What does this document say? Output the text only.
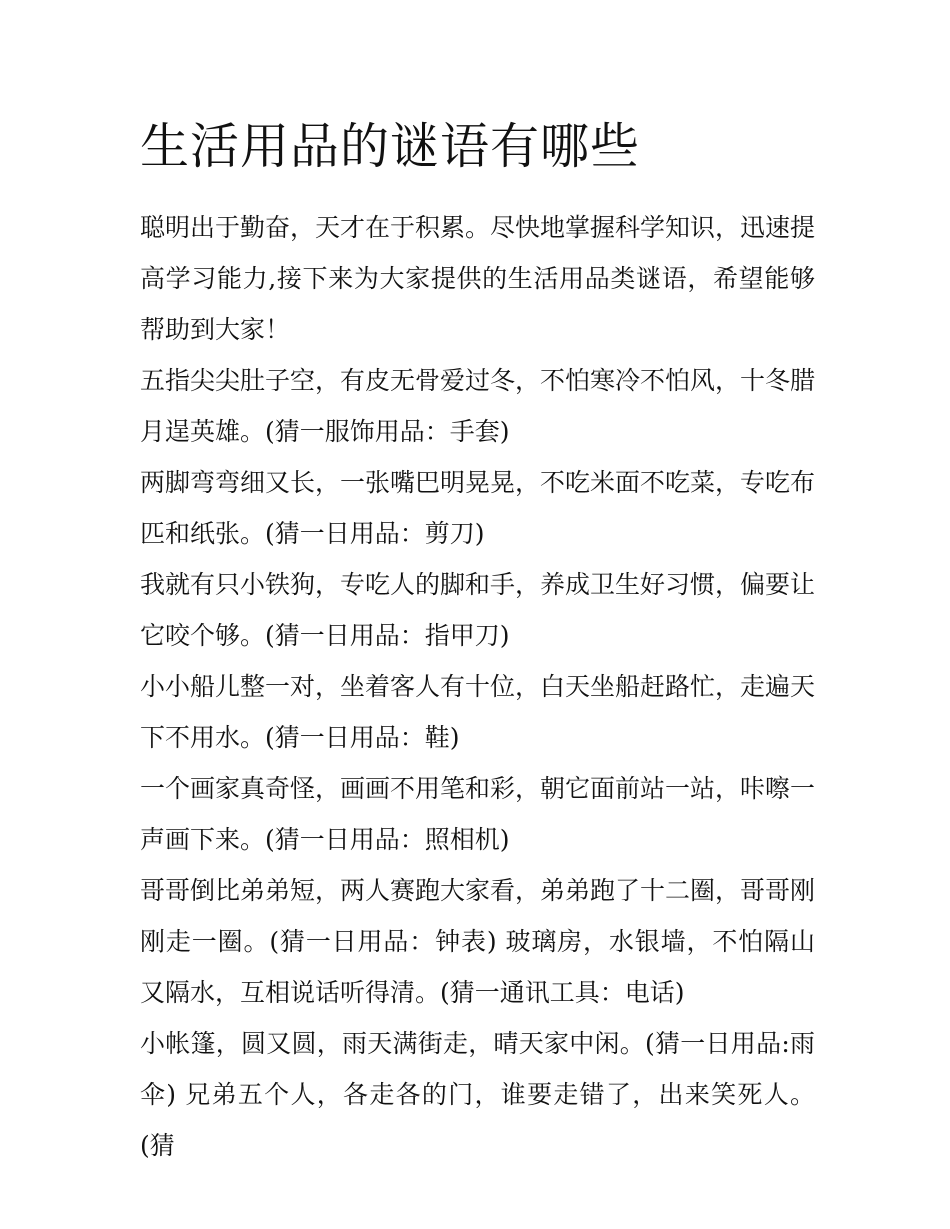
生活用品的谜语有哪些

聪明出于勤奋，天才在于积累。尽快地掌握科学知识，迅速提高学习能力,接下来为大家提供的生活用品类谜语，希望能够帮助到大家！

五指尖尖肚子空，有皮无骨爱过冬，不怕寒冷不怕风，十冬腊月逞英雄。(猜一服饰用品：手套)

两脚弯弯细又长，一张嘴巴明晃晃，不吃米面不吃菜，专吃布匹和纸张。(猜一日用品：剪刀)

我就有只小铁狗，专吃人的脚和手，养成卫生好习惯，偏要让它咬个够。(猜一日用品：指甲刀)

小小船儿整一对，坐着客人有十位，白天坐船赶路忙，走遍天下不用水。(猜一日用品：鞋)

一个画家真奇怪，画画不用笔和彩，朝它面前站一站，咔嚓一声画下来。(猜一日用品：照相机)

哥哥倒比弟弟短，两人赛跑大家看，弟弟跑了十二圈，哥哥刚刚走一圈。(猜一日用品：钟表) 玻璃房，水银墙，不怕隔山又隔水，互相说话听得清。(猜一通讯工具：电话)

小帐篷，圆又圆，雨天满街走，晴天家中闲。(猜一日用品:雨伞) 兄弟五个人，各走各的门，谁要走错了，出来笑死人。(猜
